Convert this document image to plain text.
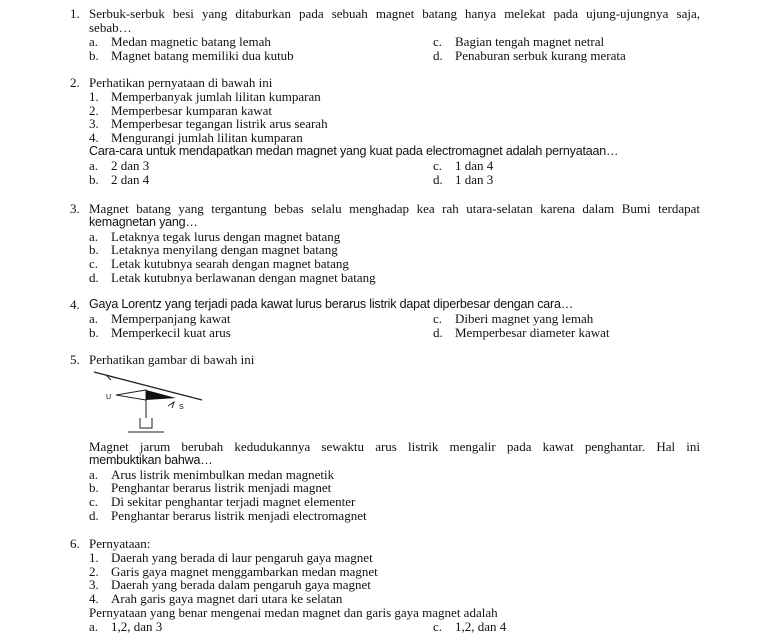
1. Serbuk-serbuk besi yang ditaburkan pada sebuah magnet batang hanya melekat pada ujung-ujungnya saja,
sebab…
a. Medan magnetic batang lemah	c. Bagian tengah magnet netral
b. Magnet batang memiliki dua kutub	d. Penaburan serbuk kurang merata
2. Perhatikan pernyataan di bawah ini
1. Memperbanyak jumlah lilitan kumparan
2. Memperbesar kumparan kawat
3. Memperbesar tegangan listrik arus searah
4. Mengurangi jumlah lilitan kumparan
Cara-cara untuk mendapatkan medan magnet yang kuat pada electromagnet adalah pernyataan…
a. 2 dan 3	c. 1 dan 4
b. 2 dan 4	d. 1 dan 3
3. Magnet batang yang tergantung bebas selalu menghadap kea rah utara-selatan karena dalam Bumi terdapat
kemagnetan yang…
a. Letaknya tegak lurus dengan magnet batang
b. Letaknya menyilang dengan magnet batang
c. Letak kutubnya searah dengan magnet batang
d. Letak kutubnya berlawanan dengan magnet batang
4. Gaya Lorentz yang terjadi pada kawat lurus berarus listrik dapat diperbesar dengan cara…
a. Memperpanjang kawat	c. Diberi magnet yang lemah
b. Memperkecil kuat arus	d. Memperbesar diameter kawat
5. Perhatikan gambar di bawah ini
U
S
Magnet jarum berubah kedudukannya sewaktu arus listrik mengalir pada kawat penghantar. Hal ini
membuktikan bahwa…
a. Arus listrik menimbulkan medan magnetik
b. Penghantar berarus listrik menjadi magnet
c. Di sekitar penghantar terjadi magnet elementer
d. Penghantar berarus listrik menjadi electromagnet
6. Pernyataan:
1. Daerah yang berada di laur pengaruh gaya magnet
2. Garis gaya magnet menggambarkan medan magnet
3. Daerah yang berada dalam pengaruh gaya magnet
4. Arah garis gaya magnet dari utara ke selatan
Pernyataan yang benar mengenai medan magnet dan garis gaya magnet adalah
a. 1,2, dan 3	c. 1,2, dan 4
